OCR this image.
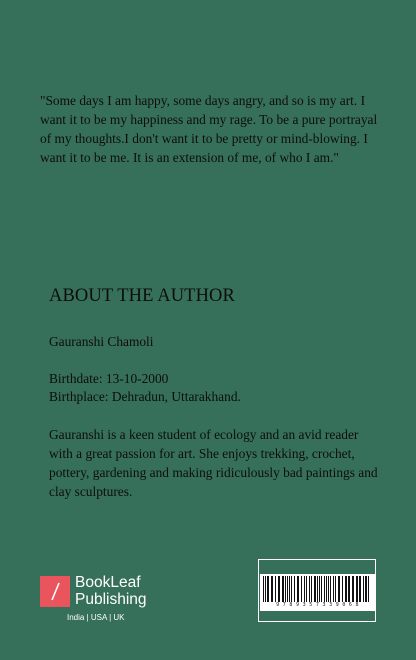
"Some days I am happy, some days angry, and so is my art. I want it to be my happiness and my rage. To be a pure portrayal of my thoughts.I don't want it to be pretty or mind-blowing. I want it to be me. It is an extension of me, of who I am."

ABOUT THE AUTHOR

Gauranshi Chamoli

Birthdate: 13-10-2000
Birthplace: Dehradun, Uttarakhand.

Gauranshi is a keen student of ecology and an avid reader with a great passion for art. She enjoys trekking, crochet, pottery, gardening and making ridiculously bad paintings and clay sculptures.

BookLeaf
Publishing
India | USA | UK
9 7 8 9 3 5 7 3 3 9 0 6 8
